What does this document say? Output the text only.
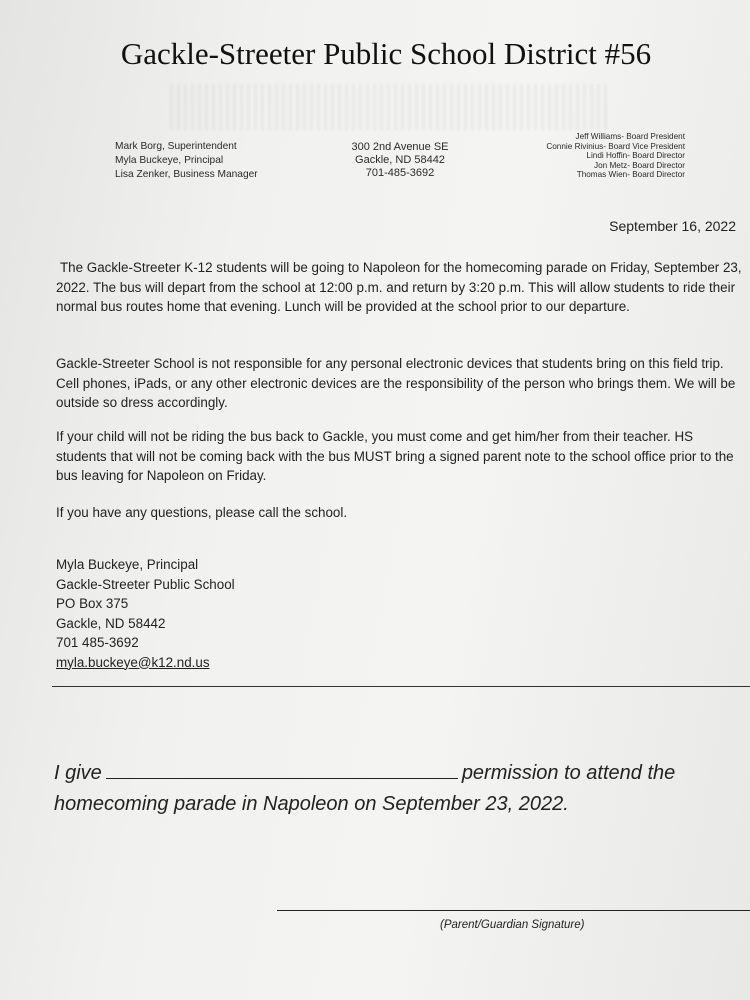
Gackle-Streeter Public School District #56
Mark Borg, Superintendent
Myla Buckeye, Principal
Lisa Zenker, Business Manager
300 2nd Avenue SE
Gackle, ND 58442
701-485-3692
Jeff Williams- Board President
Connie Rivinius- Board Vice President
Lindi Hoffin- Board Director
Jon Metz- Board Director
Thomas Wien- Board Director
September 16, 2022
The Gackle-Streeter K-12 students will be going to Napoleon for the homecoming parade on Friday, September 23, 2022. The bus will depart from the school at 12:00 p.m. and return by 3:20 p.m. This will allow students to ride their normal bus routes home that evening. Lunch will be provided at the school prior to our departure.
Gackle-Streeter School is not responsible for any personal electronic devices that students bring on this field trip. Cell phones, iPads, or any other electronic devices are the responsibility of the person who brings them. We will be outside so dress accordingly.
If your child will not be riding the bus back to Gackle, you must come and get him/her from their teacher. HS students that will not be coming back with the bus MUST bring a signed parent note to the school office prior to the bus leaving for Napoleon on Friday.
If you have any questions, please call the school.
Myla Buckeye, Principal
Gackle-Streeter Public School
PO Box 375
Gackle, ND 58442
701 485-3692
myla.buckeye@k12.nd.us
I give	permission to attend the homecoming parade in Napoleon on September 23, 2022.
(Parent/Guardian Signature)
